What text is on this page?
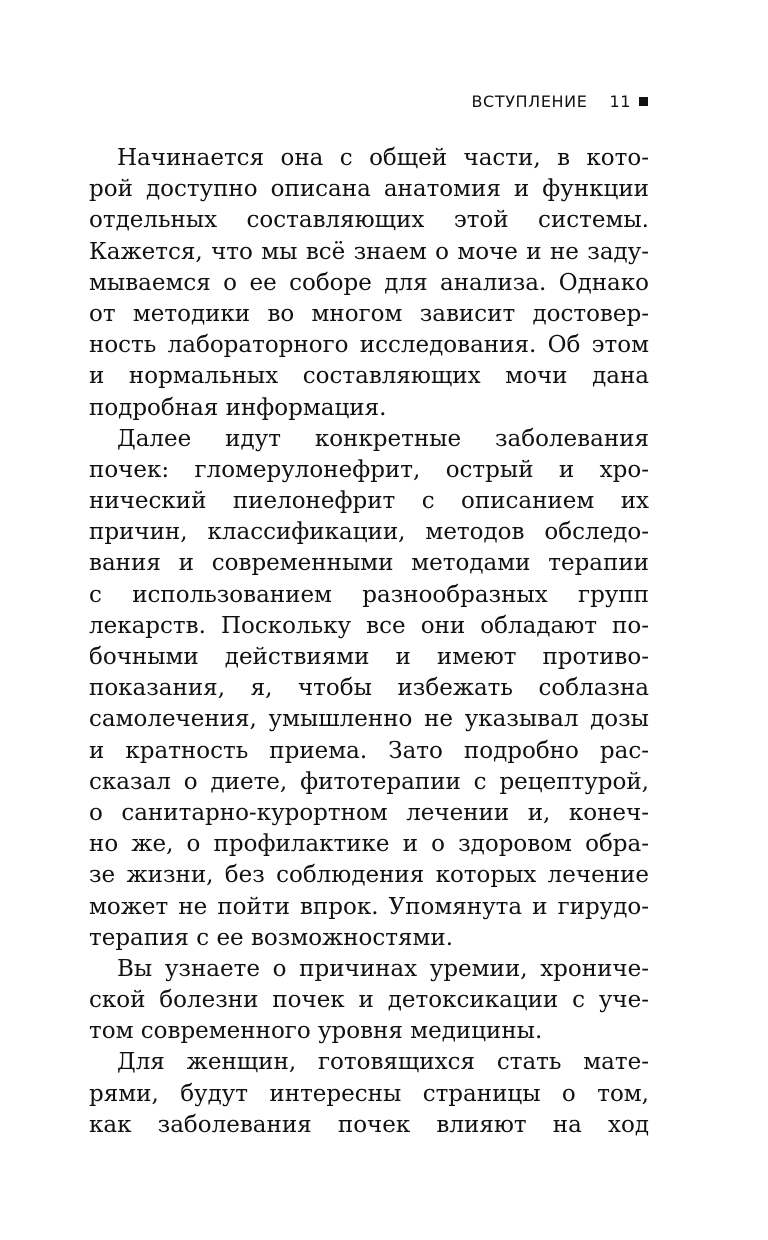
ВСТУПЛЕНИЕ 11
Начинается она с общей части, в кото-
рой доступно описана анатомия и функции
отдельных составляющих этой системы.
Кажется, что мы всё знаем о моче и не заду-
мываемся о ее соборе для анализа. Однако
от методики во многом зависит достовер-
ность лабораторного исследования. Об этом
и нормальных составляющих мочи дана
подробная информация.
Далее идут конкретные заболевания
почек: гломерулонефрит, острый и хро-
нический пиелонефрит с описанием их
причин, классификации, методов обследо-
вания и современными методами терапии
с использованием разнообразных групп
лекарств. Поскольку все они обладают по-
бочными действиями и имеют противо-
показания, я, чтобы избежать соблазна
самолечения, умышленно не указывал дозы
и кратность приема. Зато подробно рас-
сказал о диете, фитотерапии с рецептурой,
о санитарно-курортном лечении и, конеч-
но же, о профилактике и о здоровом обра-
зе жизни, без соблюдения которых лечение
может не пойти впрок. Упомянута и гирудо-
терапия с ее возможностями.
Вы узнаете о причинах уремии, хрониче-
ской болезни почек и детоксикации с уче-
том современного уровня медицины.
Для женщин, готовящихся стать мате-
рями, будут интересны страницы о том,
как заболевания почек влияют на ход
